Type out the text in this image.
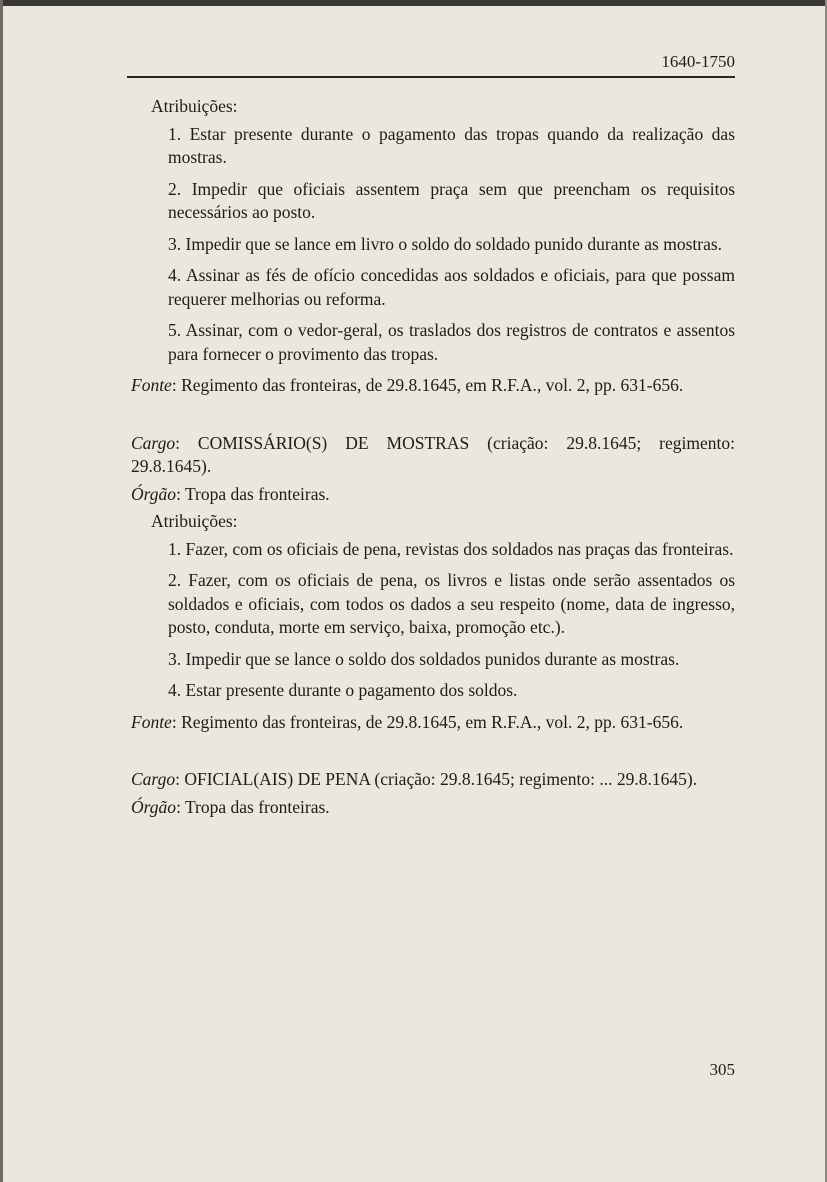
1640-1750

Atribuições:

1. Estar presente durante o pagamento das tropas quando da realização das mostras.

2. Impedir que oficiais assentem praça sem que preencham os requisitos necessários ao posto.

3. Impedir que se lance em livro o soldo do soldado punido durante as mostras.

4. Assinar as fés de ofício concedidas aos soldados e oficiais, para que possam requerer melhorias ou reforma.

5. Assinar, com o vedor-geral, os traslados dos registros de contratos e assentos para fornecer o provimento das tropas.

Fonte: Regimento das fronteiras, de 29.8.1645, em R.F.A., vol. 2, pp. 631-656.

Cargo: COMISSÁRIO(S) DE MOSTRAS (criação: 29.8.1645; regimento: 29.8.1645).

Órgão: Tropa das fronteiras.

Atribuições:

1. Fazer, com os oficiais de pena, revistas dos soldados nas praças das fronteiras.

2. Fazer, com os oficiais de pena, os livros e listas onde serão assentados os soldados e oficiais, com todos os dados a seu respeito (nome, data de ingresso, posto, conduta, morte em serviço, baixa, promoção etc.).

3. Impedir que se lance o soldo dos soldados punidos durante as mostras.

4. Estar presente durante o pagamento dos soldos.

Fonte: Regimento das fronteiras, de 29.8.1645, em R.F.A., vol. 2, pp. 631-656.

Cargo: OFICIAL(AIS) DE PENA (criação: 29.8.1645; regimento: ... 29.8.1645).

Órgão: Tropa das fronteiras.

305
